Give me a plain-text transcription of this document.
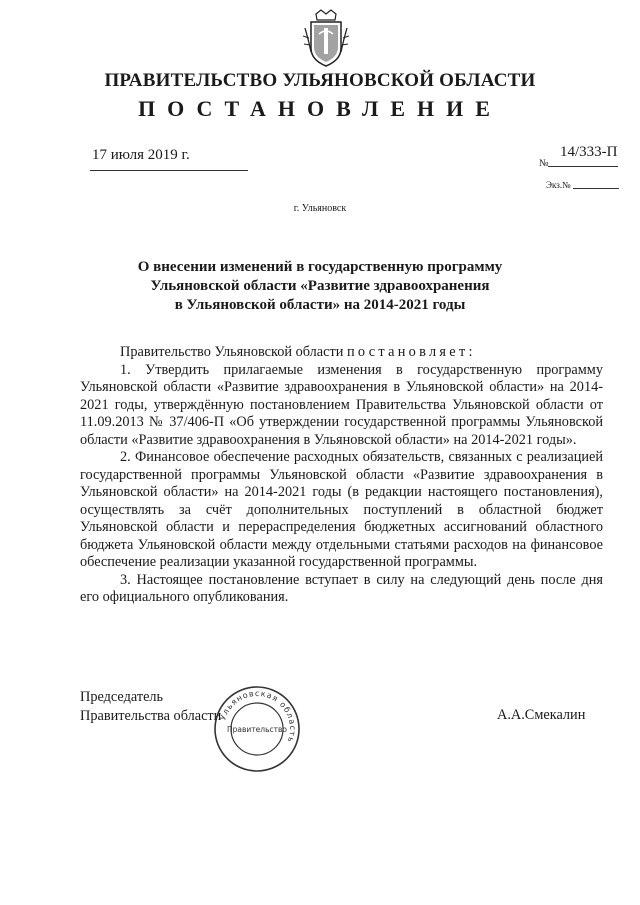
ПРАВИТЕЛЬСТВО УЛЬЯНОВСКОЙ ОБЛАСТИ
ПОСТАНОВЛЕНИЕ
17 июля 2019 г.
№
14/333-П
Экз.№
г. Ульяновск
О внесении изменений в государственную программу
Ульяновской области «Развитие здравоохранения
в Ульяновской области» на 2014-2021 годы

Правительство Ульяновской области постановляет:

1. Утвердить прилагаемые изменения в государственную программу Ульяновской области «Развитие здравоохранения в Ульяновской области» на 2014-2021 годы, утверждённую постановлением Правительства Ульяновской области от 11.09.2013 № 37/406-П «Об утверждении государственной программы Ульяновской области «Развитие здравоохранения в Ульяновской области» на 2014-2021 годы».

2. Финансовое обеспечение расходных обязательств, связанных с реализацией государственной программы Ульяновской области «Развитие здравоохранения в Ульяновской области» на 2014-2021 годы (в редакции настоящего постановления), осуществлять за счёт дополнительных поступлений в областной бюджет Ульяновской области и перераспределения бюджетных ассигнований областного бюджета Ульяновской области между отдельными статьями расходов на финансовое обеспечение реализации указанной государственной программы.

3. Настоящее постановление вступает в силу на следующий день после дня его официального опубликования.

Председатель
Правительства области	А.А.Смекалин
Ульяновская область
Правительство
